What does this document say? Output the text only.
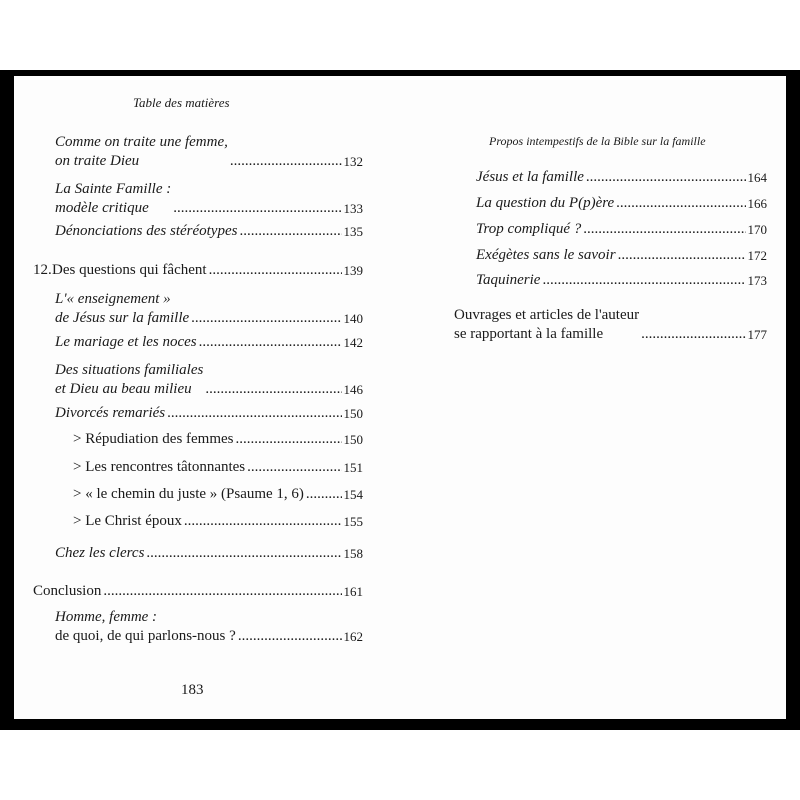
Table des matières
Comme on traite une femme,
on traite Dieu .....	132
La Sainte Famille :
modèle critique .....	133
Dénonciations des stéréotypes .....	135
12. Des questions qui fâchent .....	139
L'« enseignement »
de Jésus sur la famille .....	140
Le mariage et les noces .....	142
Des situations familiales
et Dieu au beau milieu .....	146
Divorcés remariés .....	150
> Répudiation des femmes .....	150
> Les rencontres tâtonnantes .....	151
> « le chemin du juste » (Psaume 1, 6) .....	154
> Le Christ époux .....	155
Chez les clercs .....	158
Conclusion .....	161
Homme, femme :
de quoi, de qui parlons-nous ? .....	162
183
Propos intempestifs de la Bible sur la famille
Jésus et la famille .....	164
La question du P(p)ère .....	166
Trop compliqué ? .....	170
Exégètes sans le savoir .....	172
Taquinerie .....	173
Ouvrages et articles de l'auteur
se rapportant à la famille .....	177
